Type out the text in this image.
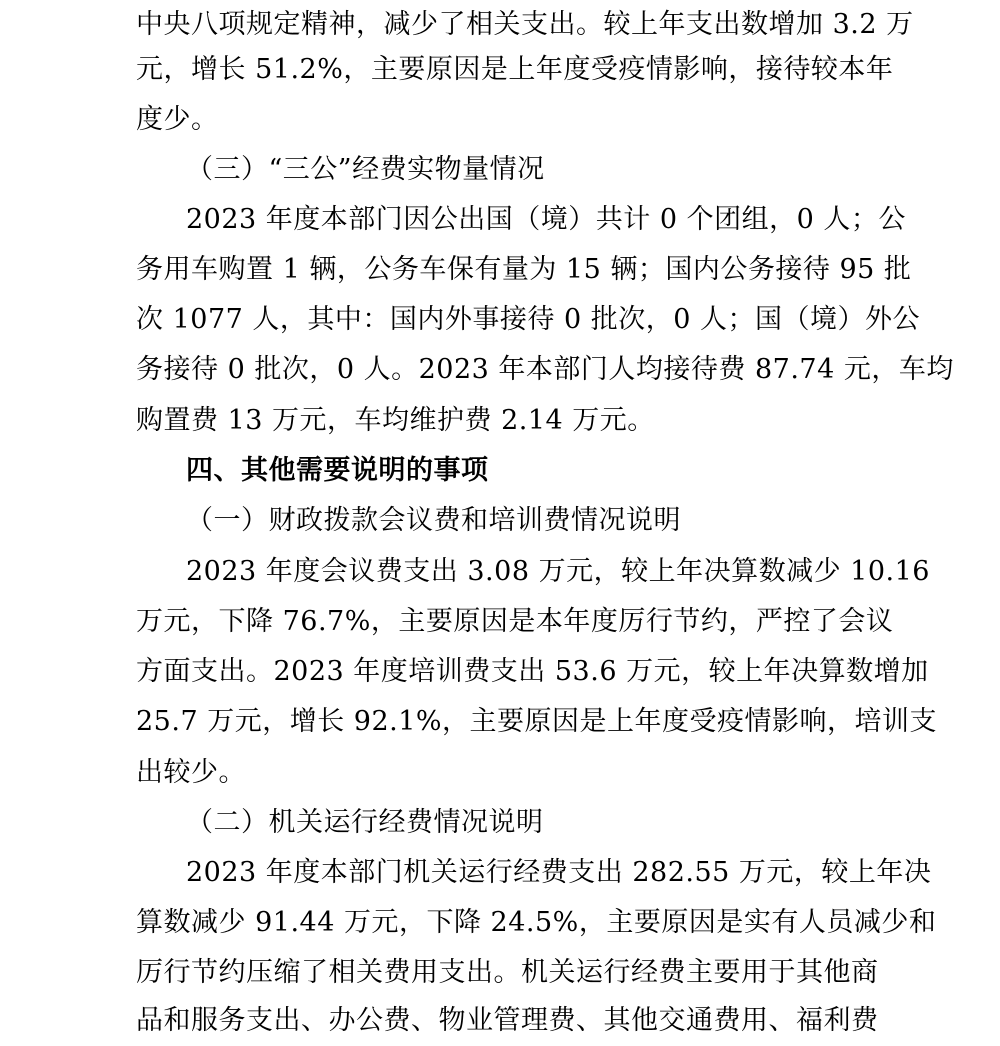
中央八项规定精神，减少了相关支出。较上年支出数增加 3.2 万
元，增长 51.2%，主要原因是上年度受疫情影响，接待较本年
度少。
（三）“三公”经费实物量情况
2023 年度本部门因公出国（境）共计 0 个团组，0 人；公
务用车购置 1 辆，公务车保有量为 15 辆；国内公务接待 95 批
次 1077 人，其中：国内外事接待 0 批次，0 人；国（境）外公
务接待 0 批次，0 人。2023 年本部门人均接待费 87.74 元，车均
购置费 13 万元，车均维护费 2.14 万元。
四、其他需要说明的事项
（一）财政拨款会议费和培训费情况说明
2023 年度会议费支出 3.08 万元，较上年决算数减少 10.16
万元，下降 76.7%，主要原因是本年度厉行节约，严控了会议
方面支出。2023 年度培训费支出 53.6 万元，较上年决算数增加
25.7 万元，增长 92.1%，主要原因是上年度受疫情影响，培训支
出较少。
（二）机关运行经费情况说明
2023 年度本部门机关运行经费支出 282.55 万元，较上年决
算数减少 91.44 万元，下降 24.5%，主要原因是实有人员减少和
厉行节约压缩了相关费用支出。机关运行经费主要用于其他商
品和服务支出、办公费、物业管理费、其他交通费用、福利费
